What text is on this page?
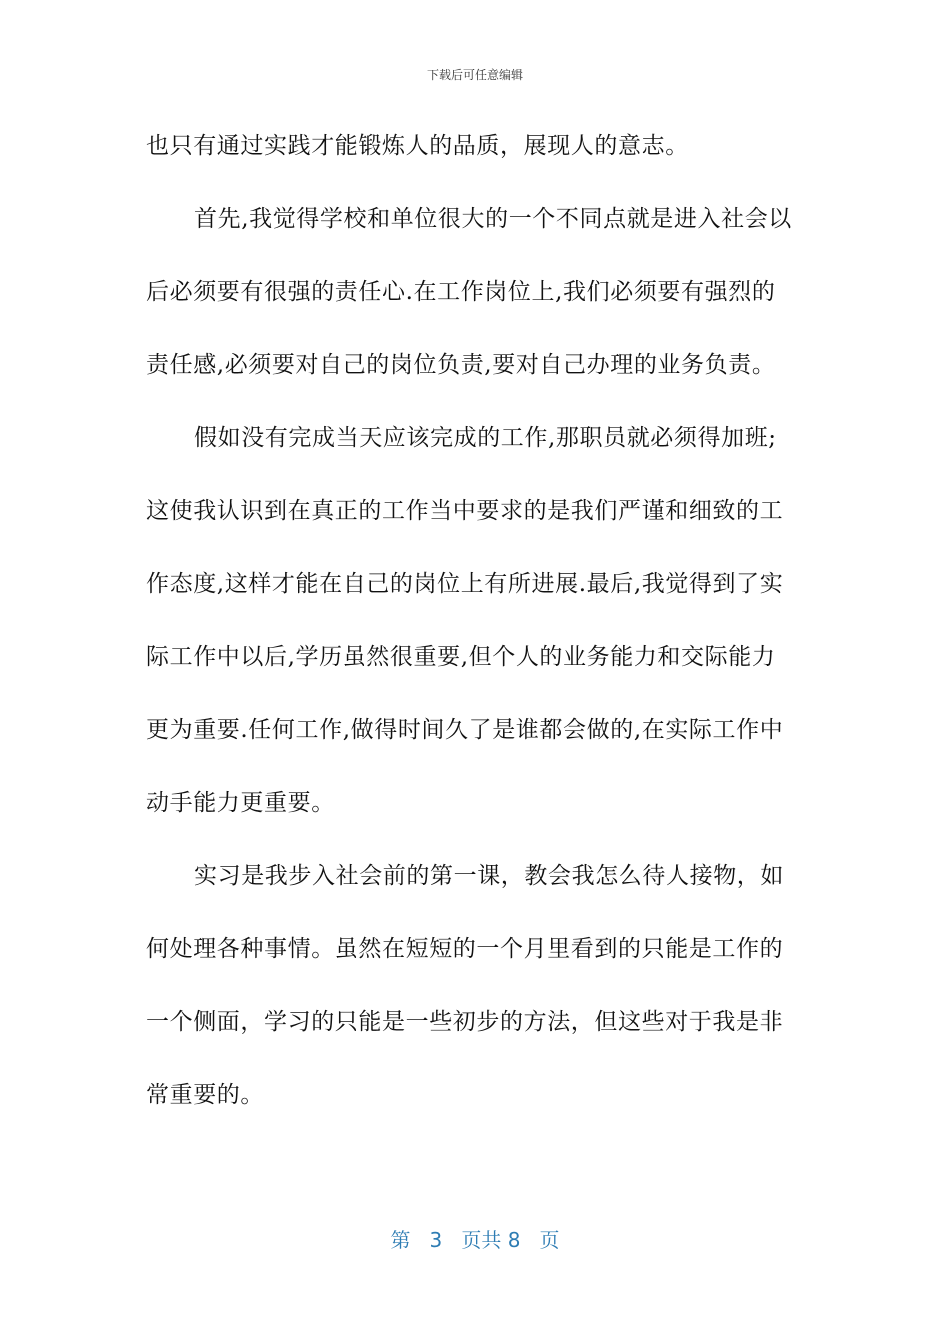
下载后可任意编辑
也只有通过实践才能锻炼人的品质，展现人的意志。
首先,我觉得学校和单位很大的一个不同点就是进入社会以
后必须要有很强的责任心.在工作岗位上,我们必须要有强烈的
责任感,必须要对自己的岗位负责,要对自己办理的业务负责。
假如没有完成当天应该完成的工作,那职员就必须得加班;
这使我认识到在真正的工作当中要求的是我们严谨和细致的工
作态度,这样才能在自己的岗位上有所进展.最后,我觉得到了实
际工作中以后,学历虽然很重要,但个人的业务能力和交际能力
更为重要.任何工作,做得时间久了是谁都会做的,在实际工作中
动手能力更重要。
实习是我步入社会前的第一课，教会我怎么待人接物，如
何处理各种事情。虽然在短短的一个月里看到的只能是工作的
一个侧面，学习的只能是一些初步的方法，但这些对于我是非
常重要的。
第 3 页共 8 页
